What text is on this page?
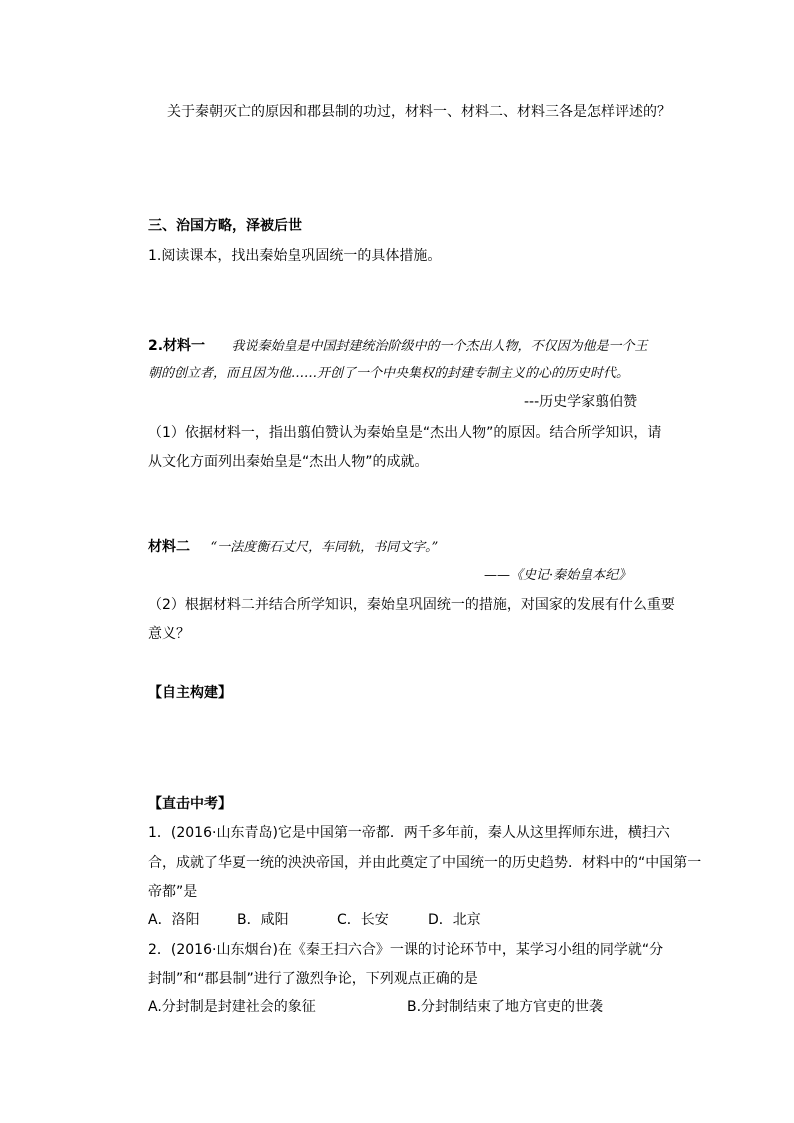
关于秦朝灭亡的原因和郡县制的功过，材料一、材料二、材料三各是怎样评述的？
三、治国方略，泽被后世
1.阅读课本，找出秦始皇巩固统一的具体措施。
2.材料一 我说秦始皇是中国封建统治阶级中的一个杰出人物，不仅因为他是一个王
朝的创立者，而且因为他……开创了一个中央集权的封建专制主义的心的历史时代。
---历史学家翦伯赞
（1）依据材料一，指出翦伯赞认为秦始皇是“杰出人物”的原因。结合所学知识，请
从文化方面列出秦始皇是“杰出人物”的成就。
材料二 “一法度衡石丈尺，车同轨，书同文字。”
——《史记·秦始皇本纪》
（2）根据材料二并结合所学知识，秦始皇巩固统一的措施，对国家的发展有什么重要
意义？
【自主构建】
【直击中考】
1．(2016·山东青岛)它是中国第一帝都．两千多年前，秦人从这里挥师东进，横扫六
合，成就了华夏一统的泱泱帝国，并由此奠定了中国统一的历史趋势．材料中的“中国第一
帝都”是
A．洛阳	B．咸阳	C．长安	D．北京
2．(2016·山东烟台)在《秦王扫六合》一课的讨论环节中，某学习小组的同学就“分
封制”和“郡县制”进行了激烈争论，下列观点正确的是
A.分封制是封建社会的象征	B.分封制结束了地方官吏的世袭
